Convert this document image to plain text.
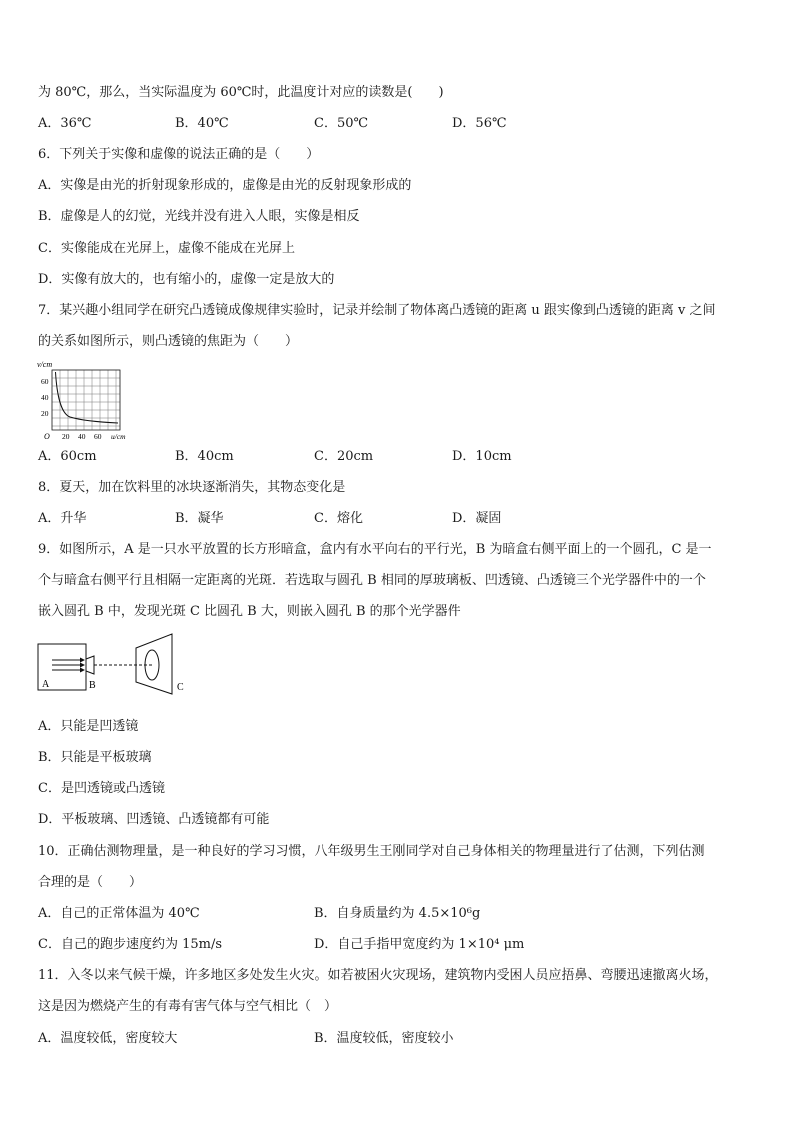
为 80℃，那么，当实际温度为 60℃时，此温度计对应的读数是(　　)
A．36℃	B．40℃	C．50℃	D．56℃
6．下列关于实像和虚像的说法正确的是（　　）
A．实像是由光的折射现象形成的，虚像是由光的反射现象形成的
B．虚像是人的幻觉，光线并没有进入人眼，实像是相反
C．实像能成在光屏上，虚像不能成在光屏上
D．实像有放大的，也有缩小的，虚像一定是放大的
7．某兴趣小组同学在研究凸透镜成像规律实验时，记录并绘制了物体离凸透镜的距离 u 跟实像到凸透镜的距离 v 之间
的关系如图所示，则凸透镜的焦距为（　　）
v/cm
60
40
20
O 20 40 60 u/cm
A．60cm	B．40cm	C．20cm	D．10cm
8．夏天，加在饮料里的冰块逐渐消失，其物态变化是
A．升华	B．凝华	C．熔化	D．凝固
9．如图所示，A 是一只水平放置的长方形暗盒，盒内有水平向右的平行光，B 为暗盒右侧平面上的一个圆孔，C 是一
个与暗盒右侧平行且相隔一定距离的光斑．若选取与圆孔 B 相同的厚玻璃板、凹透镜、凸透镜三个光学器件中的一个
嵌入圆孔 B 中，发现光斑 C 比圆孔 B 大，则嵌入圆孔 B 的那个光学器件
A	B	C
A．只能是凹透镜
B．只能是平板玻璃
C．是凹透镜或凸透镜
D．平板玻璃、凹透镜、凸透镜都有可能
10．正确估测物理量，是一种良好的学习习惯，八年级男生王刚同学对自己身体相关的物理量进行了估测，下列估测
合理的是（　　）
A．自己的正常体温为 40℃	B．自身质量约为 4.5×10⁶g
C．自己的跑步速度约为 15m/s	D．自己手指甲宽度约为 1×10⁴ μm
11．入冬以来气候干燥，许多地区多处发生火灾。如若被困火灾现场，建筑物内受困人员应捂鼻、弯腰迅速撤离火场，
这是因为燃烧产生的有毒有害气体与空气相比（　）
A．温度较低，密度较大	B．温度较低，密度较小
